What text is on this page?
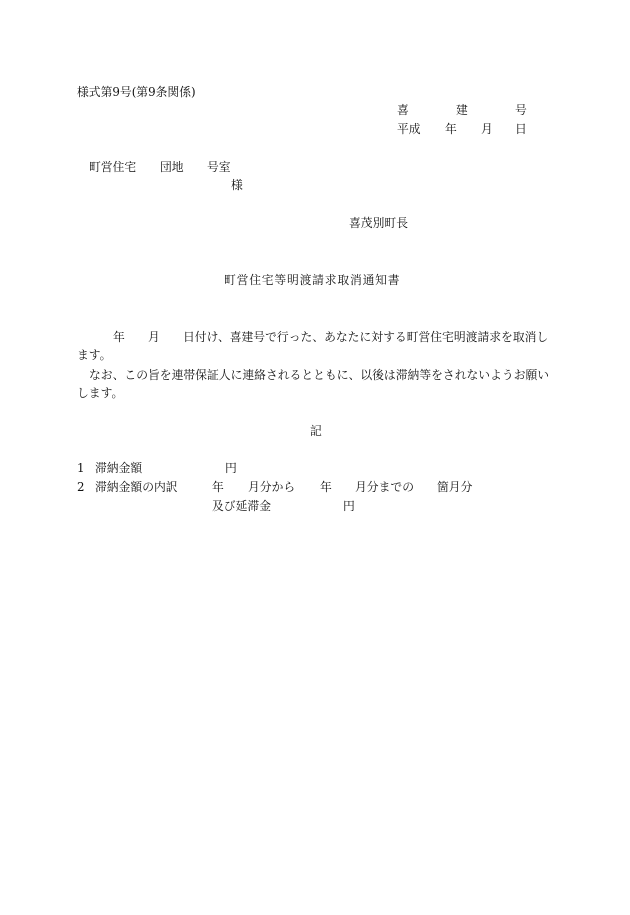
様式第9号(第9条関係)
喜	建	号
平成 年 月 日
町営住宅 団地 号室
様
喜茂別町長
町営住宅等明渡請求取消通知書
年 月 日付け、喜建号で行った、あなたに対する町営住宅明渡請求を取消し
ます。
なお、この旨を連帯保証人に連絡されるとともに、以後は滞納等をされないようお願い
します。
記
1 滞納金額	円
2 滞納金額の内訳	年 月分から 年 月分までの 箇月分
及び延滞金	円
